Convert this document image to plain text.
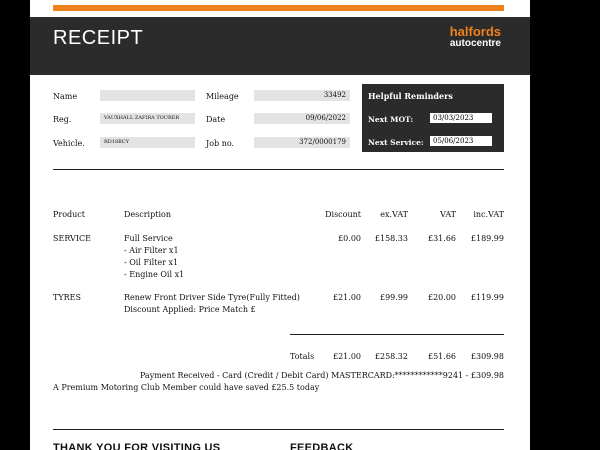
RECEIPT	halfords
autocentre
Name
Reg.	VAUXHALL ZAFIRA TOURER
Vehicle.	RD18BCY
Mileage	33492
Date	09/06/2022
Job no.	372/0000179
Helpful Reminders
Next MOT:	03/03/2023
Next Service:	05/06/2023
Product	Description	Discount	ex.VAT	VAT	inc.VAT
SERVICE	Full Service
- Air Filter x1
- Oil Filter x1
- Engine Oil x1
£0.00	£158.33	£31.66	£189.99
TYRES	Renew Front Driver Side Tyre(Fully Fitted)
Discount Applied: Price Match £
£21.00	£99.99	£20.00	£119.99
Totals	£21.00	£258.32	£51.66	£309.98
Payment Received - Card (Credit / Debit Card) MASTERCARD:************9241 - £309.98
A Premium Motoring Club Member could have saved £25.5 today
THANK YOU FOR VISITING US	FEEDBACK
